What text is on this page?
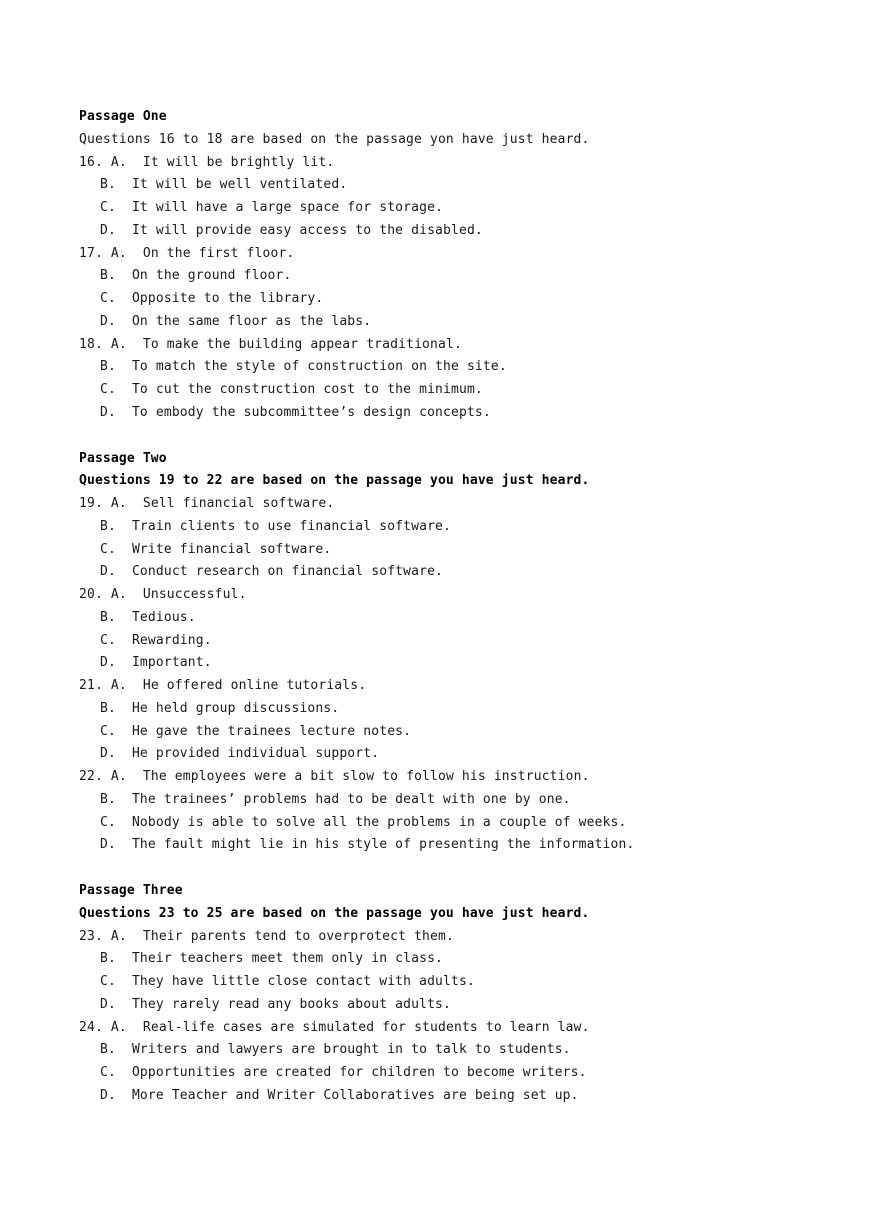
Passage One
Questions 16 to 18 are based on the passage yon have just heard.
16. A. It will be brightly lit.
B. It will be well ventilated.
C. It will have a large space for storage.
D. It will provide easy access to the disabled.
17. A. On the first floor.
B. On the ground floor.
C. Opposite to the library.
D. On the same floor as the labs.
18. A. To make the building appear traditional.
B. To match the style of construction on the site.
C. To cut the construction cost to the minimum.
D. To embody the subcommittee’s design concepts.
Passage Two
Questions 19 to 22 are based on the passage you have just heard.
19. A. Sell financial software.
B. Train clients to use financial software.
C. Write financial software.
D. Conduct research on financial software.
20. A. Unsuccessful.
B. Tedious.
C. Rewarding.
D. Important.
21. A. He offered online tutorials.
B. He held group discussions.
C. He gave the trainees lecture notes.
D. He provided individual support.
22. A. The employees were a bit slow to follow his instruction.
B. The trainees’ problems had to be dealt with one by one.
C. Nobody is able to solve all the problems in a couple of weeks.
D. The fault might lie in his style of presenting the information.
Passage Three
Questions 23 to 25 are based on the passage you have just heard.
23. A. Their parents tend to overprotect them.
B. Their teachers meet them only in class.
C. They have little close contact with adults.
D. They rarely read any books about adults.
24. A. Real-life cases are simulated for students to learn law.
B. Writers and lawyers are brought in to talk to students.
C. Opportunities are created for children to become writers.
D. More Teacher and Writer Collaboratives are being set up.
